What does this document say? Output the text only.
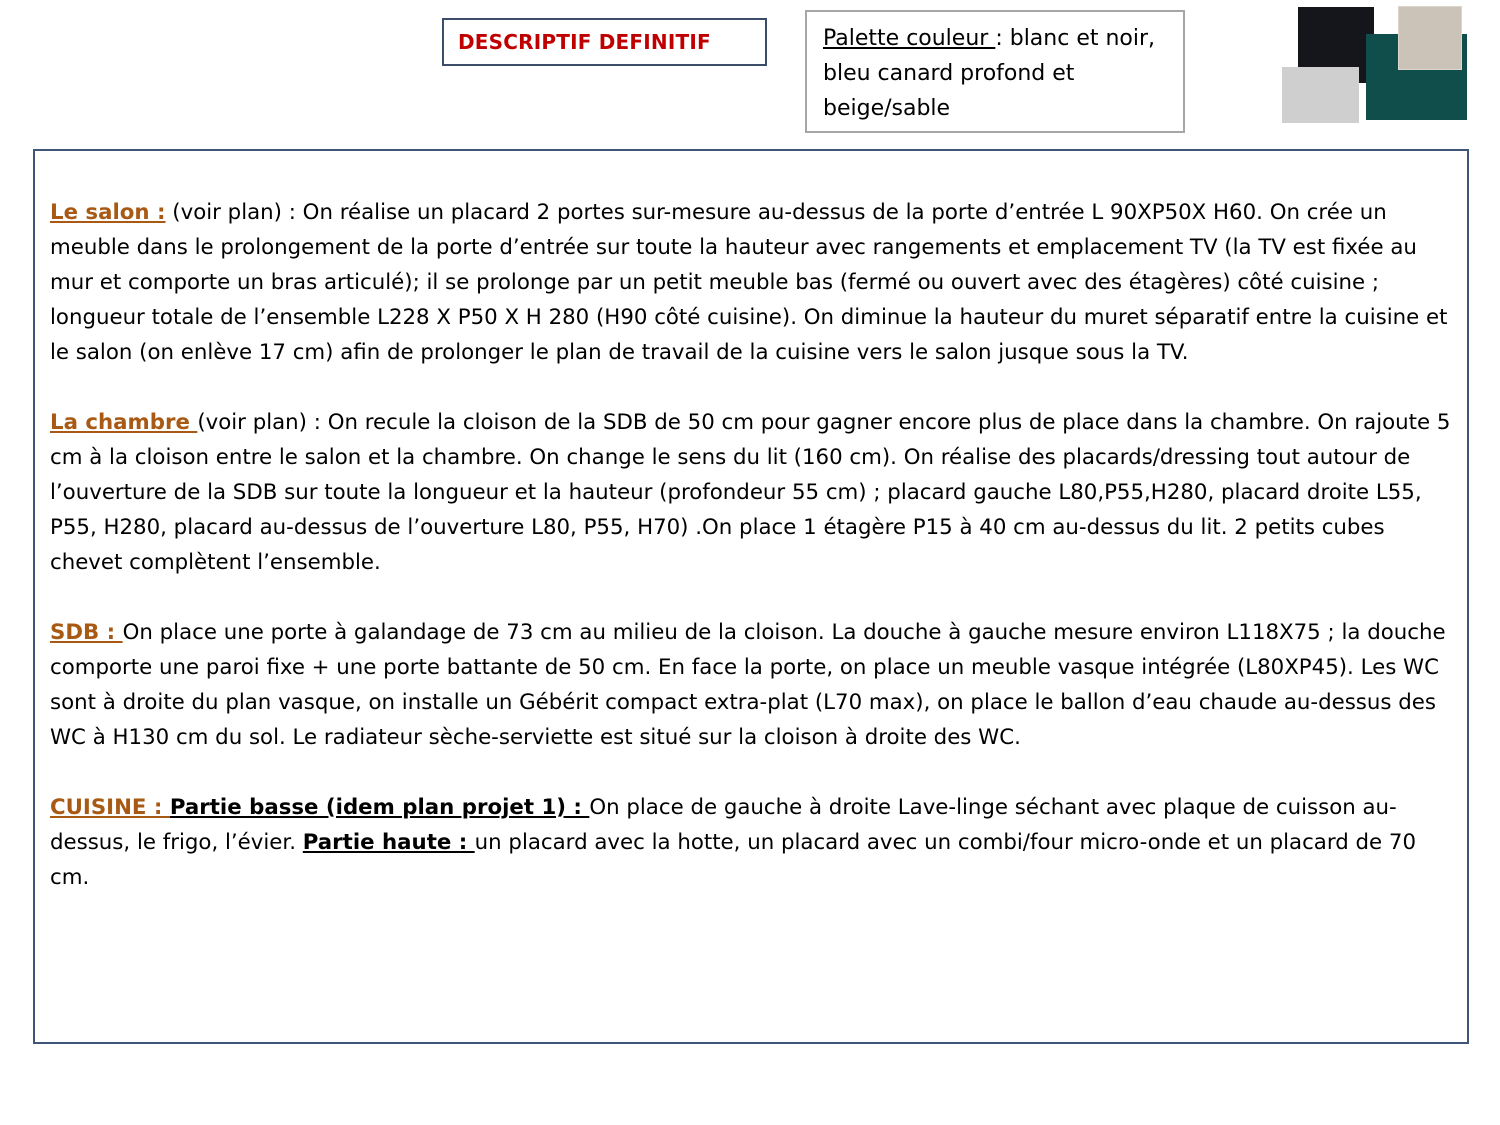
DESCRIPTIF DEFINITIF	Palette couleur : blanc et noir, bleu canard profond et beige/sable

Le salon : (voir plan) : On réalise un placard 2 portes sur-mesure au-dessus de la porte d’entrée L 90XP50X H60. On crée un meuble dans le prolongement de la porte d’entrée sur toute la hauteur avec rangements et emplacement TV (la TV est fixée au mur et comporte un bras articulé); il se prolonge par un petit meuble bas (fermé ou ouvert avec des étagères) côté cuisine ; longueur totale de l’ensemble L228 X P50 X H 280 (H90 côté cuisine). On diminue la hauteur du muret séparatif entre la cuisine et le salon (on enlève 17 cm) afin de prolonger le plan de travail de la cuisine vers le salon jusque sous la TV.

La chambre (voir plan) : On recule la cloison de la SDB de 50 cm pour gagner encore plus de place dans la chambre. On rajoute 5 cm à la cloison entre le salon et la chambre. On change le sens du lit (160 cm). On réalise des placards/dressing tout autour de l’ouverture de la SDB sur toute la longueur et la hauteur (profondeur 55 cm) ; placard gauche L80,P55,H280, placard droite L55, P55, H280, placard au-dessus de l’ouverture L80, P55, H70) .On place 1 étagère P15 à 40 cm au-dessus du lit. 2 petits cubes chevet complètent l’ensemble.

SDB : On place une porte à galandage de 73 cm au milieu de la cloison. La douche à gauche mesure environ L118X75 ; la douche comporte une paroi fixe + une porte battante de 50 cm. En face la porte, on place un meuble vasque intégrée (L80XP45). Les WC sont à droite du plan vasque, on installe un Gébérit compact extra-plat (L70 max), on place le ballon d’eau chaude au-dessus des WC à H130 cm du sol. Le radiateur sèche-serviette est situé sur la cloison à droite des WC.

CUISINE : Partie basse (idem plan projet 1) : On place de gauche à droite Lave-linge séchant avec plaque de cuisson au-dessus, le frigo, l’évier. Partie haute : un placard avec la hotte, un placard avec un combi/four micro-onde et un placard de 70 cm.
